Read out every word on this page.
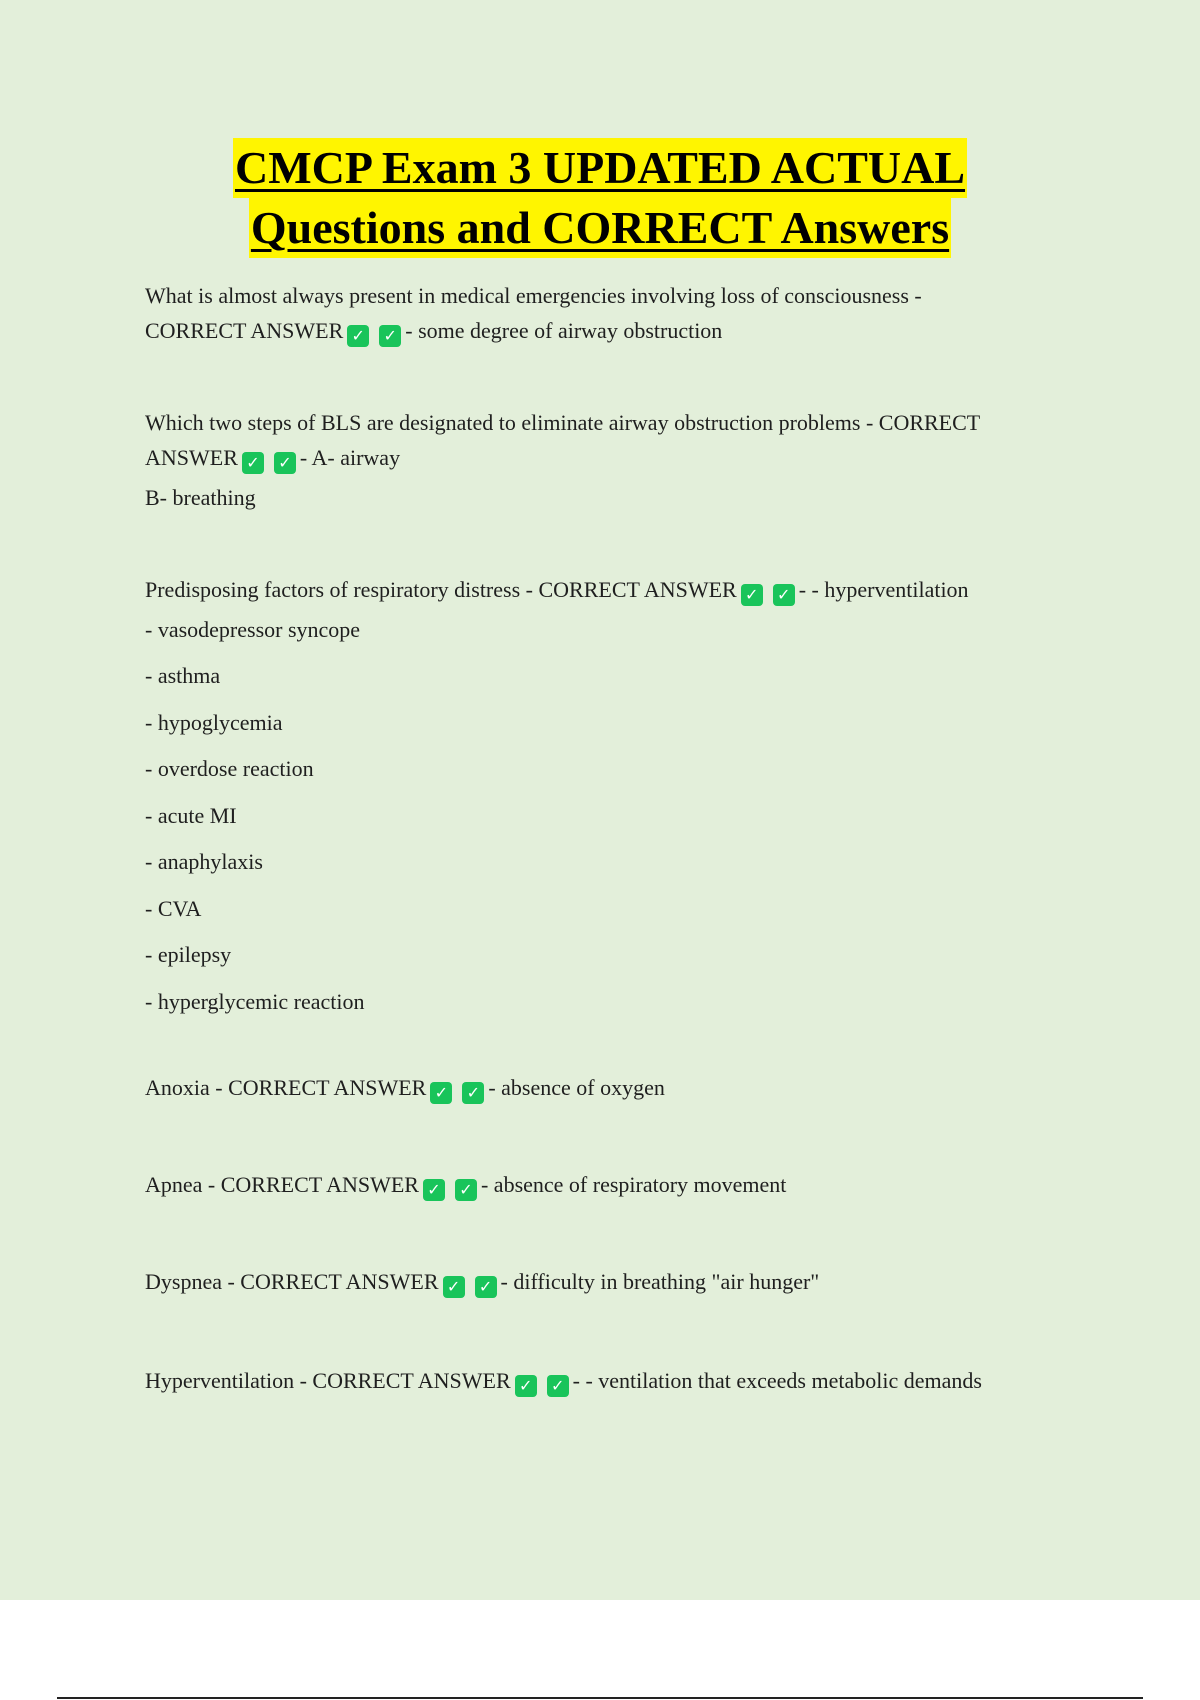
CMCP Exam 3 UPDATED ACTUAL
Questions and CORRECT Answers

What is almost always present in medical emergencies involving loss of consciousness -

CORRECT ANSWER ✓ ✓ - some degree of airway obstruction

Which two steps of BLS are designated to eliminate airway obstruction problems - CORRECT

ANSWER ✓ ✓ - A- airway

B- breathing

Predisposing factors of respiratory distress - CORRECT ANSWER ✓ ✓ - - hyperventilation

- vasodepressor syncope

- asthma

- hypoglycemia

- overdose reaction

- acute MI

- anaphylaxis

- CVA

- epilepsy

- hyperglycemic reaction

Anoxia - CORRECT ANSWER ✓ ✓ - absence of oxygen

Apnea - CORRECT ANSWER ✓ ✓ - absence of respiratory movement

Dyspnea - CORRECT ANSWER ✓ ✓ - difficulty in breathing "air hunger"

Hyperventilation - CORRECT ANSWER ✓ ✓ - - ventilation that exceeds metabolic demands
